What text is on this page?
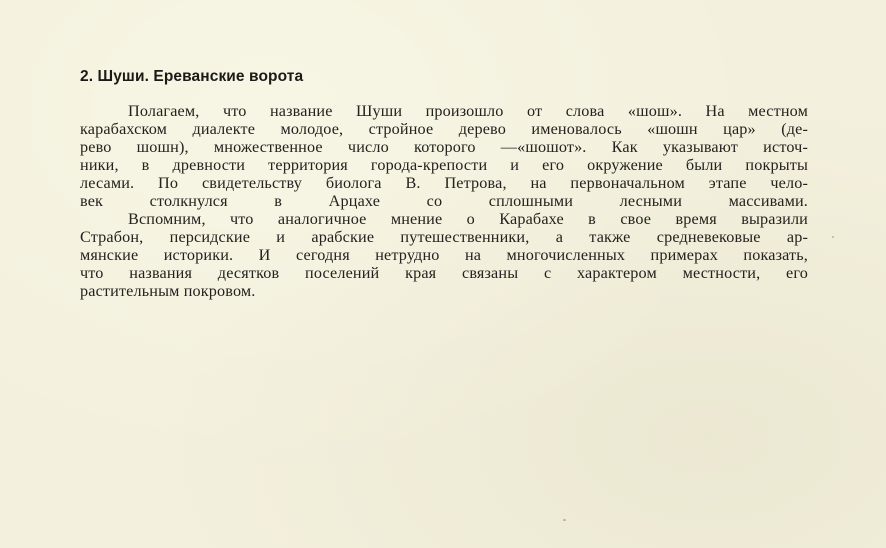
2. Шуши. Ереванские ворота
Полагаем, что название Шуши произошло от слова «шош». На местном
карабахском диалекте молодое, стройное дерево именовалось «шошн цар» (де-
рево шошн), множественное число которого —«шошот». Как указывают источ-
ники, в древности территория города-крепости и его окружение были покрыты
лесами. По свидетельству биолога В. Петрова, на первоначальном этапе чело-
век столкнулся в Арцахе со сплошными лесными массивами.
Вспомним, что аналогичное мнение о Карабахе в свое время выразили
Страбон, персидские и арабские путешественники, а также средневековые ар-
мянские историки. И сегодня нетрудно на многочисленных примерах показать,
что названия десятков поселений края связаны с характером местности, его
растительным покровом.
